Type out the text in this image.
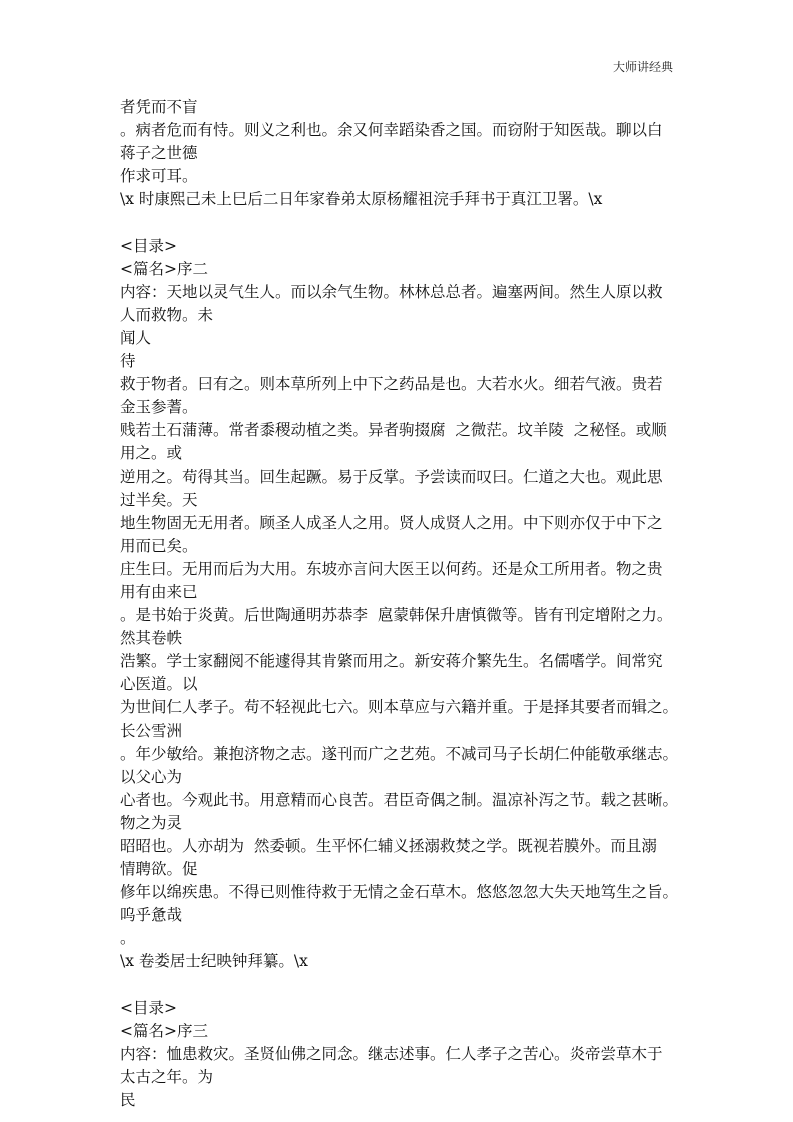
大师讲经典
者凭而不盲
。病者危而有恃。则义之利也。余又何幸蹈染香之国。而窃附于知医哉。聊以白
蒋子之世德
作求可耳。
\x 时康熙己未上巳后二日年家眷弟太原杨耀祖浣手拜书于真江卫署。\x
<目录>
<篇名>序二
内容：天地以灵气生人。而以余气生物。林林总总者。遍塞两间。然生人原以救
人而救物。未
闻人
待
救于物者。曰有之。则本草所列上中下之药品是也。大若水火。细若气液。贵若
金玉参蓍。
贱若土石蒲薄。常者黍稷动植之类。异者驹掇腐  之微茫。坟羊陵  之秘怪。或顺
用之。或
逆用之。苟得其当。回生起蹶。易于反掌。予尝读而叹曰。仁道之大也。观此思
过半矣。天
地生物固无无用者。顾圣人成圣人之用。贤人成贤人之用。中下则亦仅于中下之
用而已矣。
庄生曰。无用而后为大用。东坡亦言问大医王以何药。还是众工所用者。物之贵
用有由来已
。是书始于炎黄。后世陶通明苏恭李  扈蒙韩保升唐慎微等。皆有刊定增附之力。
然其卷帙
浩繁。学士家翻阅不能遽得其肯綮而用之。新安蒋介繁先生。名儒嗜学。间常究
心医道。以
为世间仁人孝子。苟不轻视此七六。则本草应与六籍并重。于是择其要者而辑之。
长公雪洲
。年少敏给。兼抱济物之志。遂刊而广之艺苑。不减司马子长胡仁仲能敬承继志。
以父心为
心者也。今观此书。用意精而心良苦。君臣奇偶之制。温凉补泻之节。载之甚晰。
物之为灵
昭昭也。人亦胡为  然委顿。生平怀仁辅义拯溺救焚之学。既视若膜外。而且溺
情聘欲。促
修年以绵疾患。不得已则惟待救于无情之金石草木。悠悠忽忽大失天地笃生之旨。
呜乎惫哉
。
\x 卷娄居士纪映钟拜纂。\x
<目录>
<篇名>序三
内容：恤患救灾。圣贤仙佛之同念。继志述事。仁人孝子之苦心。炎帝尝草木于
太古之年。为
民
